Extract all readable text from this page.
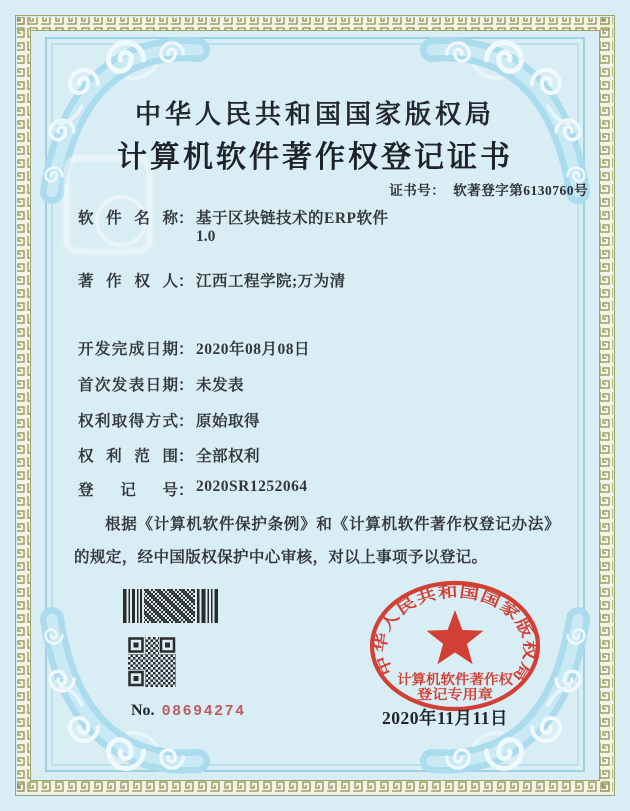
中华人民共和国国家版权局
计算机软件著作权登记证书
证书号： 软著登字第6130760号
软件名称 ： 基于区块链技术的ERP软件
1.0
著作权人 ： 江西工程学院;万为清
开发完成日期 ： 2020年08月08日
首次发表日期 ： 未发表
权利取得方式 ： 原始取得
权利范围 ： 全部权利
登记号 ： 2020SR1252064
根据《计算机软件保护条例》和《计算机软件著作权登记办法》的规定，经中国版权保护中心审核，对以上事项予以登记。
No. 08694274
中华人民共和国国家版权局
计算机软件著作权
登记专用章
2020年11月11日
